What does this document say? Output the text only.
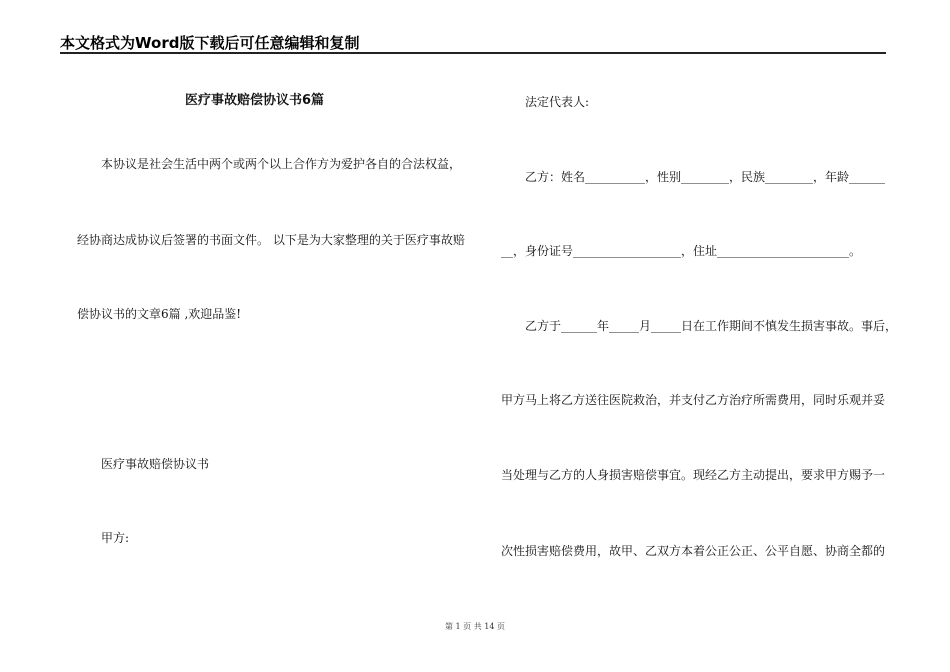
本文格式为Word版下载后可任意编辑和复制
医疗事故赔偿协议书6篇
本协议是社会生活中两个或两个以上合作方为爱护各自的合法权益，
经协商达成协议后签署的书面文件。 以下是为大家整理的关于医疗事故赔
偿协议书的文章6篇 ,欢迎品鉴!
医疗事故赔偿协议书
甲方:
法定代表人:
乙方：姓名__________，性别________，民族________，年龄______
__，身份证号__________________，住址______________________。
乙方于______年_____月_____日在工作期间不慎发生损害事故。事后，
甲方马上将乙方送往医院救治，并支付乙方治疗所需费用，同时乐观并妥
当处理与乙方的人身损害赔偿事宜。现经乙方主动提出，要求甲方赐予一
次性损害赔偿费用，故甲、乙双方本着公正公正、公平自愿、协商全都的
第 1 页 共 14 页
